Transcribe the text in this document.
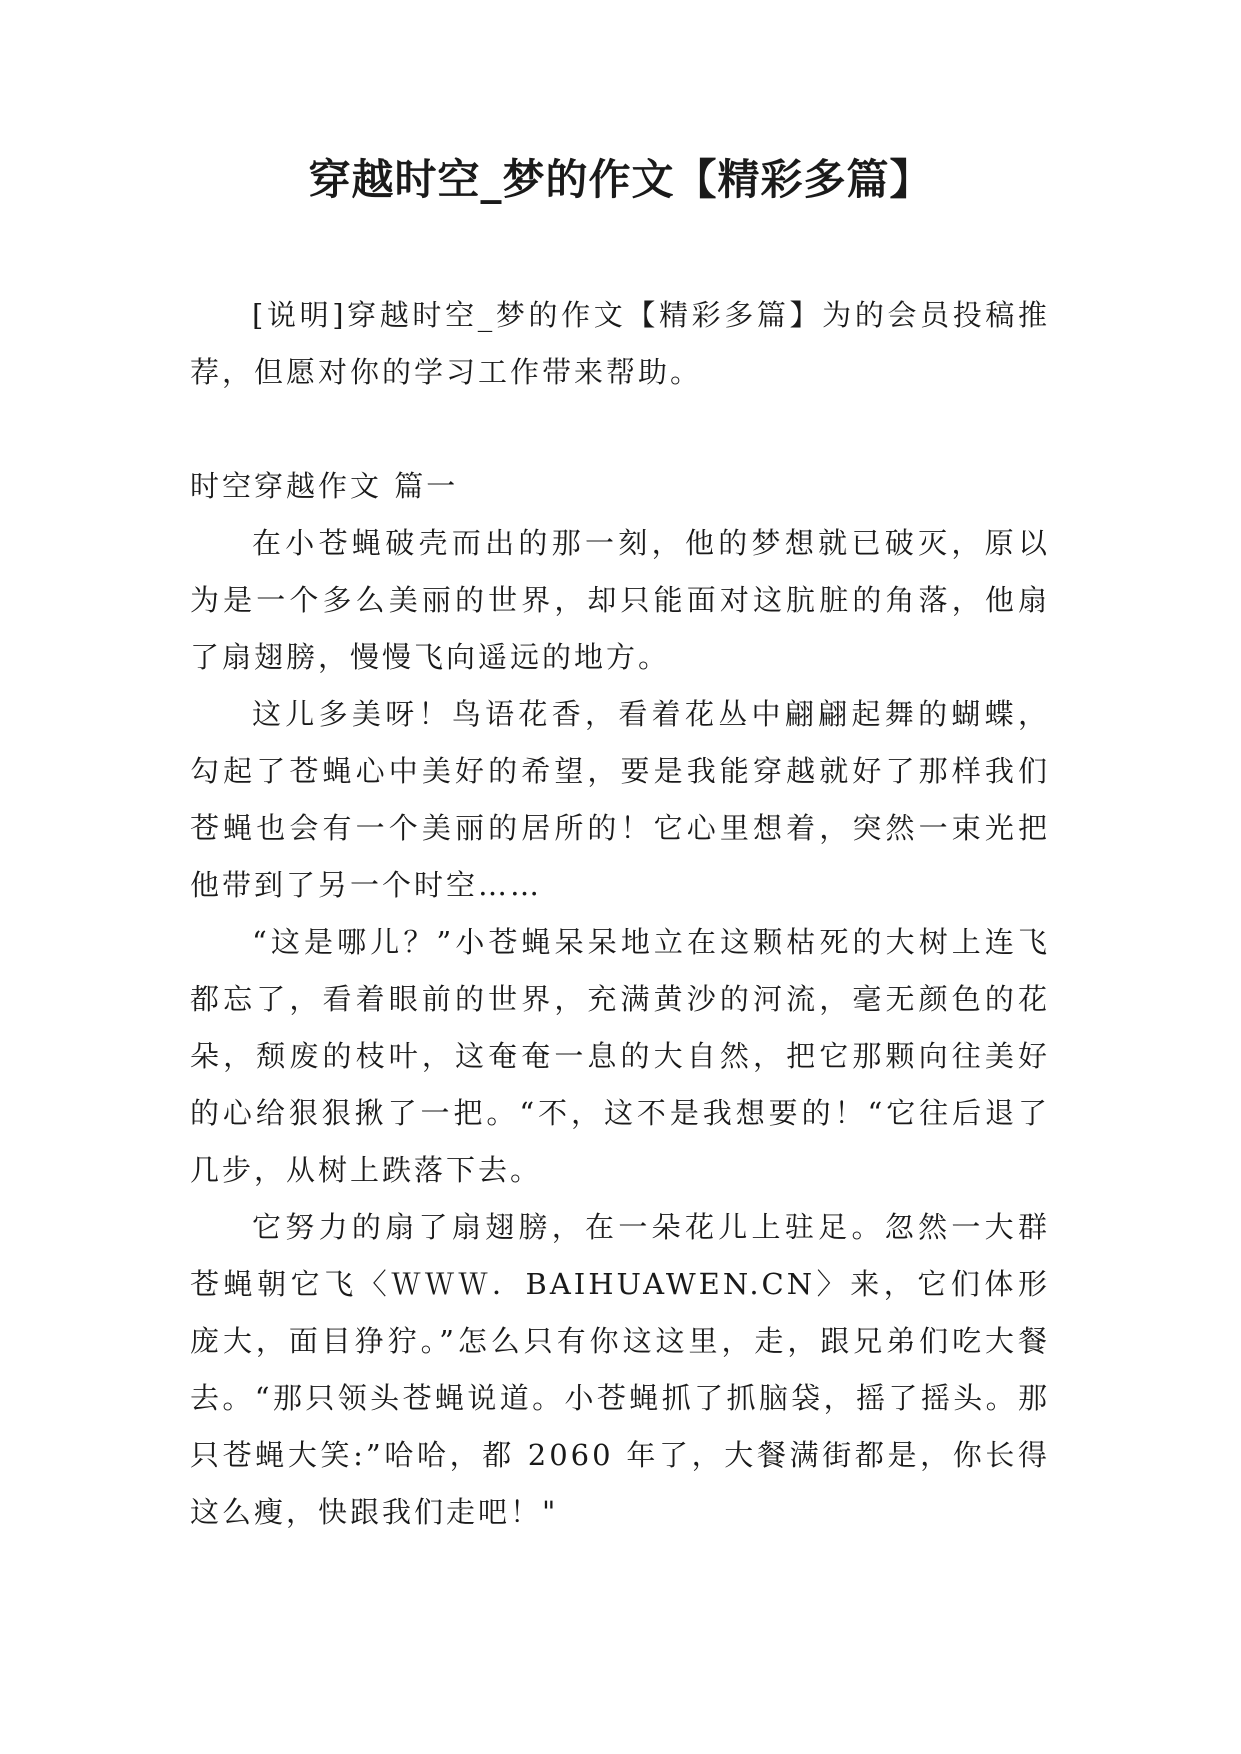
穿越时空_梦的作文【精彩多篇】

[说明]穿越时空_梦的作文【精彩多篇】为的会员投稿推荐，但愿对你的学习工作带来帮助。

时空穿越作文 篇一

在小苍蝇破壳而出的那一刻，他的梦想就已破灭，原以为是一个多么美丽的世界，却只能面对这肮脏的角落，他扇了扇翅膀，慢慢飞向遥远的地方。

这儿多美呀！鸟语花香，看着花丛中翩翩起舞的蝴蝶，勾起了苍蝇心中美好的希望，要是我能穿越就好了那样我们苍蝇也会有一个美丽的居所的！它心里想着，突然一束光把他带到了另一个时空……

“这是哪儿？”小苍蝇呆呆地立在这颗枯死的大树上连飞都忘了，看着眼前的世界，充满黄沙的河流，毫无颜色的花朵，颓废的枝叶，这奄奄一息的大自然，把它那颗向往美好的心给狠狠揪了一把。“不，这不是我想要的！“它往后退了几步，从树上跌落下去。

它努力的扇了扇翅膀，在一朵花儿上驻足。忽然一大群苍蝇朝它飞〈ＷＷＷ．BAIHUAWEN.CN〉来，它们体形庞大，面目狰狞。”怎么只有你这这里，走，跟兄弟们吃大餐去。“那只领头苍蝇说道。小苍蝇抓了抓脑袋，摇了摇头。那只苍蝇大笑:”哈哈，都 2060 年了，大餐满街都是，你长得这么瘦，快跟我们走吧！"
